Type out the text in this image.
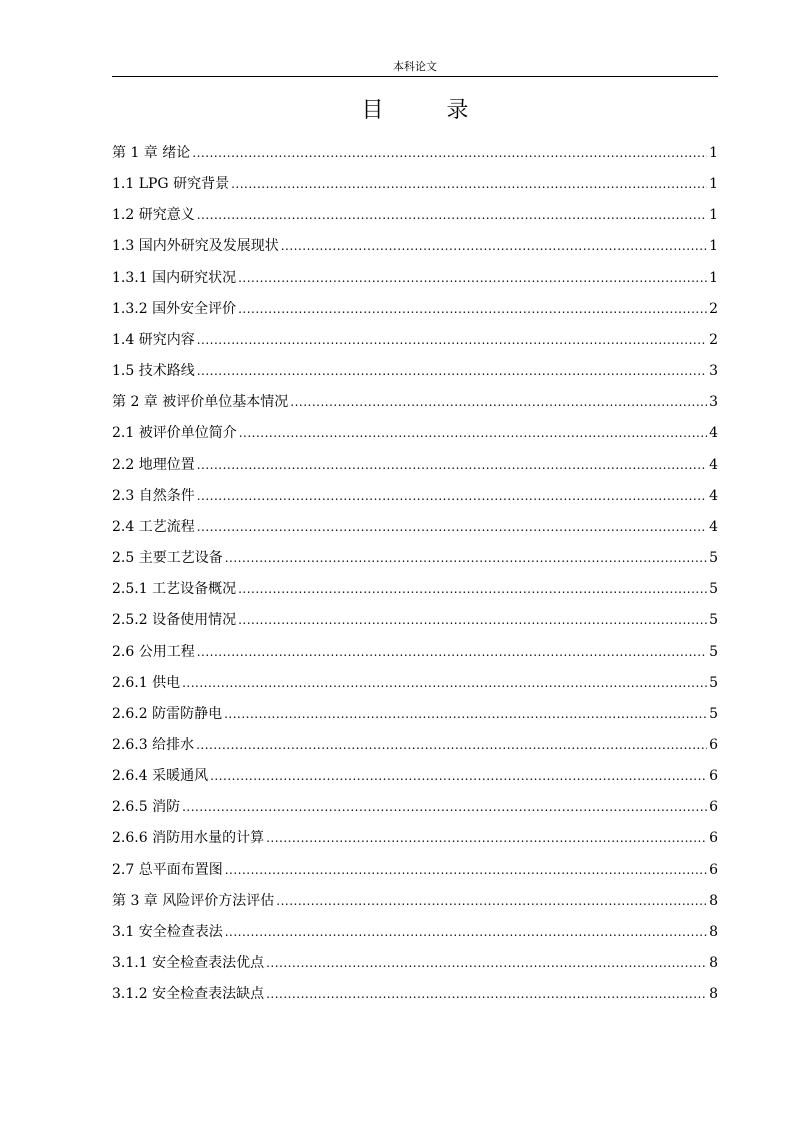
本科论文
目 录
第 1 章 绪论 .....	1
1.1 LPG 研究背景 .....	1
1.2 研究意义 .....	1
1.3 国内外研究及发展现状 .....	1
1.3.1 国内研究状况 .....	1
1.3.2 国外安全评价 .....	2
1.4 研究内容 .....	2
1.5 技术路线 .....	3
第 2 章 被评价单位基本情况 .....	3
2.1 被评价单位简介 .....	4
2.2 地理位置 .....	4
2.3 自然条件 .....	4
2.4 工艺流程 .....	4
2.5 主要工艺设备 .....	5
2.5.1 工艺设备概况 .....	5
2.5.2 设备使用情况 .....	5
2.6 公用工程 .....	5
2.6.1 供电 .....	5
2.6.2 防雷防静电 .....	5
2.6.3 给排水 .....	6
2.6.4 采暖通风 .....	6
2.6.5 消防 .....	6
2.6.6 消防用水量的计算 .....	6
2.7 总平面布置图 .....	6
第 3 章 风险评价方法评估 .....	8
3.1 安全检查表法 .....	8
3.1.1 安全检查表法优点 .....	8
3.1.2 安全检查表法缺点 .....	8
